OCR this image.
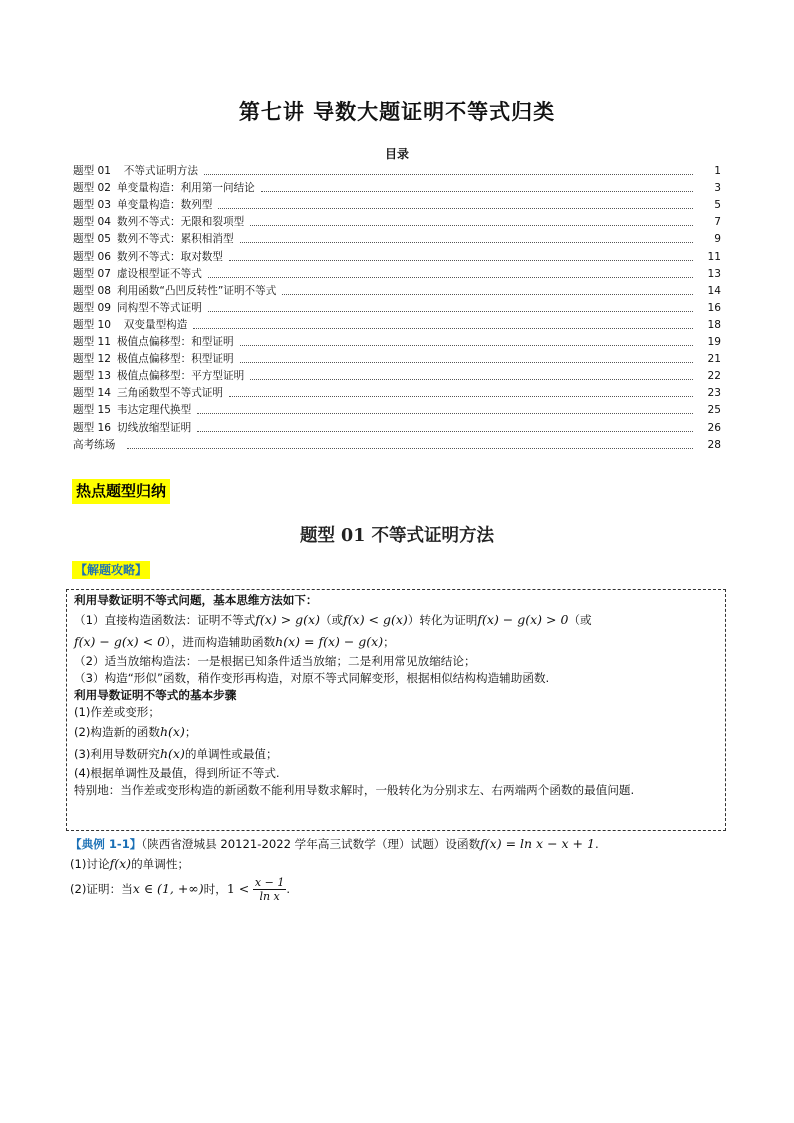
第七讲 导数大题证明不等式归类
目录
题型 01 不等式证明方法	1
题型 02 单变量构造：利用第一问结论	3
题型 03 单变量构造：数列型	5
题型 04 数列不等式：无限和裂项型	7
题型 05 数列不等式：累积相消型	9
题型 06 数列不等式：取对数型	11
题型 07 虚设根型证不等式	13
题型 08 利用函数“凸凹反转性”证明不等式	14
题型 09 同构型不等式证明	16
题型 10 双变量型构造	18
题型 11 极值点偏移型：和型证明	19
题型 12 极值点偏移型：积型证明	21
题型 13 极值点偏移型：平方型证明	22
题型 14 三角函数型不等式证明	23
题型 15 韦达定理代换型	25
题型 16 切线放缩型证明	26
高考练场	28
热点题型归纳
题型 01 不等式证明方法
【解题攻略】

利用导数证明不等式问题，基本思维方法如下：

（1）直接构造函数法：证明不等式f(x) > g(x)（或f(x) < g(x)）转化为证明f(x) − g(x) > 0（或

f(x) − g(x) < 0），进而构造辅助函数h(x) = f(x) − g(x)；

（2）适当放缩构造法：一是根据已知条件适当放缩；二是利用常见放缩结论；

（3）构造“形似”函数，稍作变形再构造，对原不等式同解变形，根据相似结构构造辅助函数.

利用导数证明不等式的基本步骤

(1)作差或变形；

(2)构造新的函数h(x)；

(3)利用导数研究h(x)的单调性或最值；

(4)根据单调性及最值，得到所证不等式.

特别地：当作差或变形构造的新函数不能利用导数求解时，一般转化为分别求左、右两端两个函数的最值问题.

【典例 1-1】（陕西省澄城县 20121-2022 学年高三试数学（理）试题）设函数f(x) = ln x − x + 1.

(1)讨论f(x)的单调性；

(2)证明：当x ∈ (1, +∞)时，$1 < \frac{x - 1}{\text{ln x}}$ .
